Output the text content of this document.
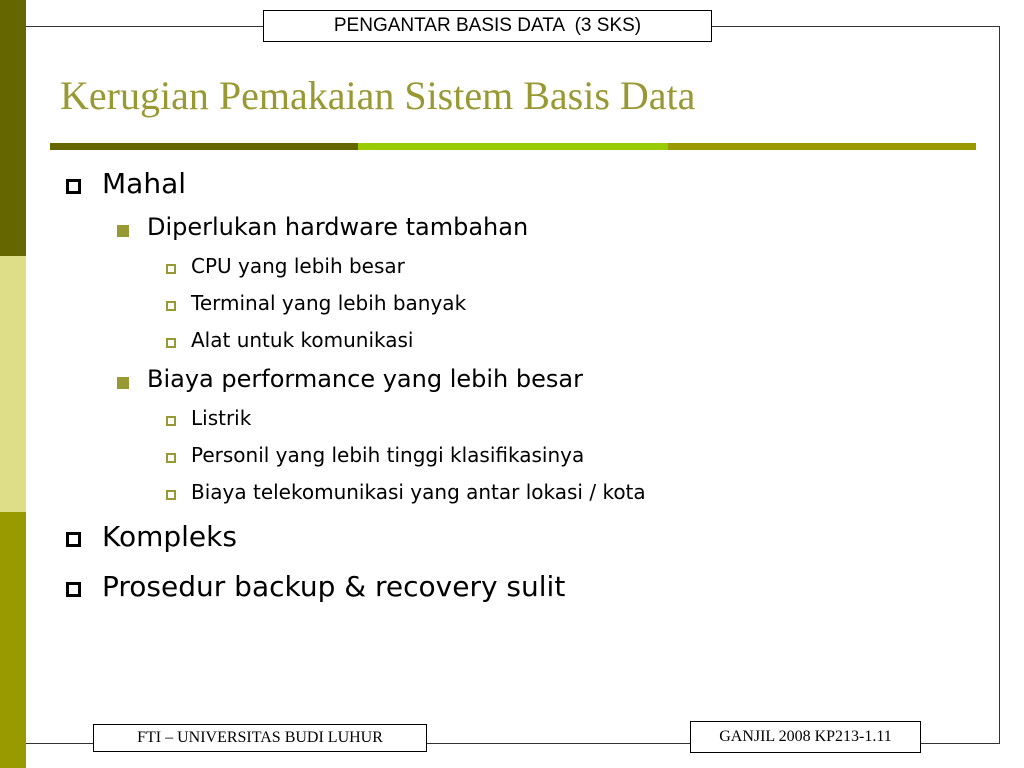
PENGANTAR BASIS DATA  (3 SKS)
Kerugian Pemakaian Sistem Basis Data
Mahal
Diperlukan hardware tambahan
CPU yang lebih besar
Terminal yang lebih banyak
Alat untuk komunikasi
Biaya performance yang lebih besar
Listrik
Personil yang lebih tinggi klasifikasinya
Biaya telekomunikasi yang antar lokasi / kota
Kompleks
Prosedur backup & recovery sulit
FTI – UNIVERSITAS BUDI LUHUR	GANJIL 2008 KP213-1.11
